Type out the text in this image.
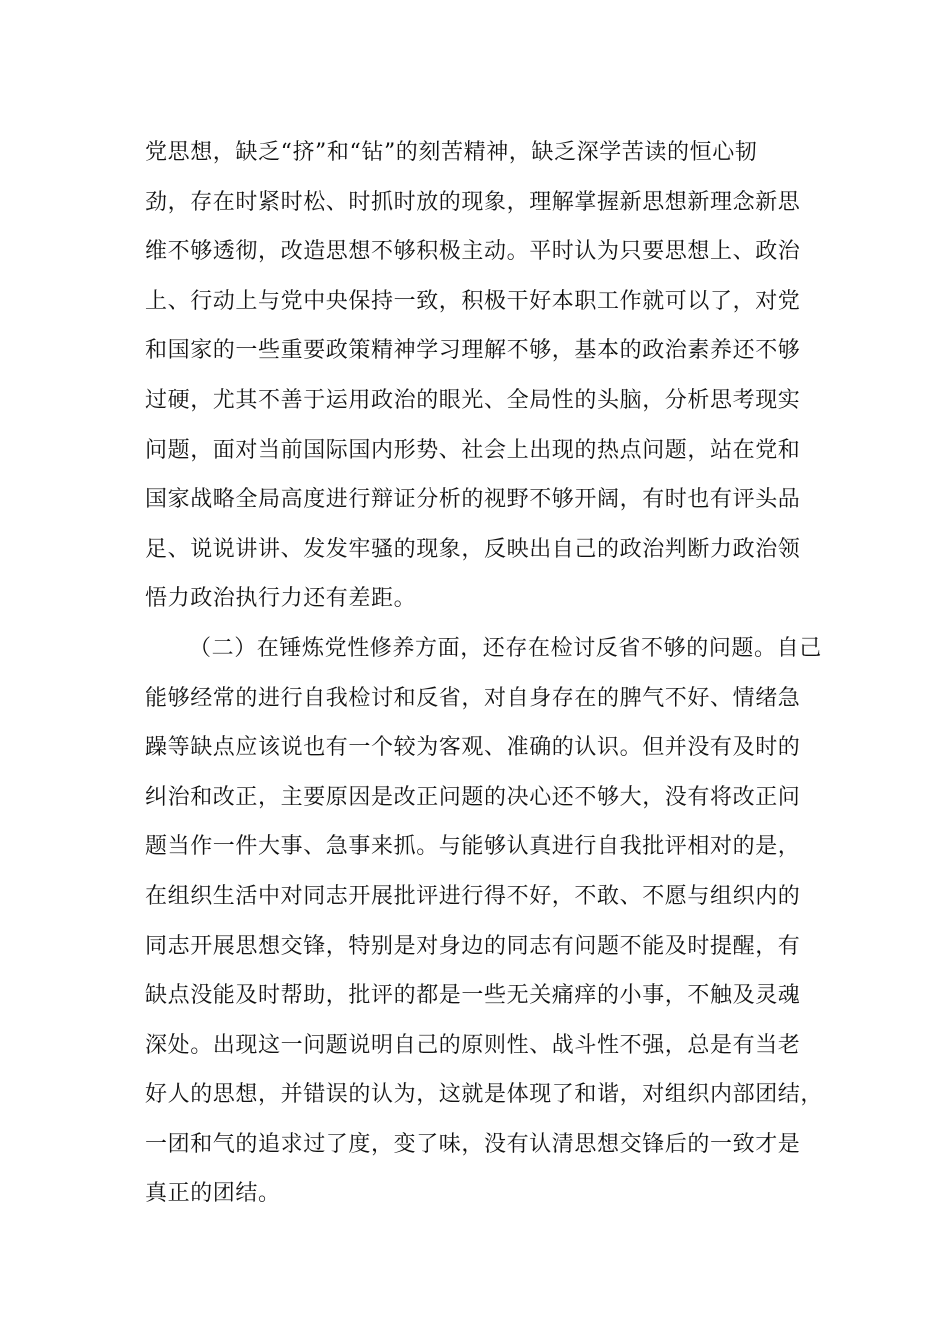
党思想，缺乏“挤”和“钻”的刻苦精神，缺乏深学苦读的恒心韧
劲，存在时紧时松、时抓时放的现象，理解掌握新思想新理念新思
维不够透彻，改造思想不够积极主动。平时认为只要思想上、政治
上、行动上与党中央保持一致，积极干好本职工作就可以了，对党
和国家的一些重要政策精神学习理解不够，基本的政治素养还不够
过硬，尤其不善于运用政治的眼光、全局性的头脑，分析思考现实
问题，面对当前国际国内形势、社会上出现的热点问题，站在党和
国家战略全局高度进行辩证分析的视野不够开阔，有时也有评头品
足、说说讲讲、发发牢骚的现象，反映出自己的政治判断力政治领
悟力政治执行力还有差距。
（二）在锤炼党性修养方面，还存在检讨反省不够的问题。自己
能够经常的进行自我检讨和反省，对自身存在的脾气不好、情绪急
躁等缺点应该说也有一个较为客观、准确的认识。但并没有及时的
纠治和改正，主要原因是改正问题的决心还不够大，没有将改正问
题当作一件大事、急事来抓。与能够认真进行自我批评相对的是，
在组织生活中对同志开展批评进行得不好，不敢、不愿与组织内的
同志开展思想交锋，特别是对身边的同志有问题不能及时提醒，有
缺点没能及时帮助，批评的都是一些无关痛痒的小事，不触及灵魂
深处。出现这一问题说明自己的原则性、战斗性不强，总是有当老
好人的思想，并错误的认为，这就是体现了和谐，对组织内部团结，
一团和气的追求过了度，变了味，没有认清思想交锋后的一致才是
真正的团结。
